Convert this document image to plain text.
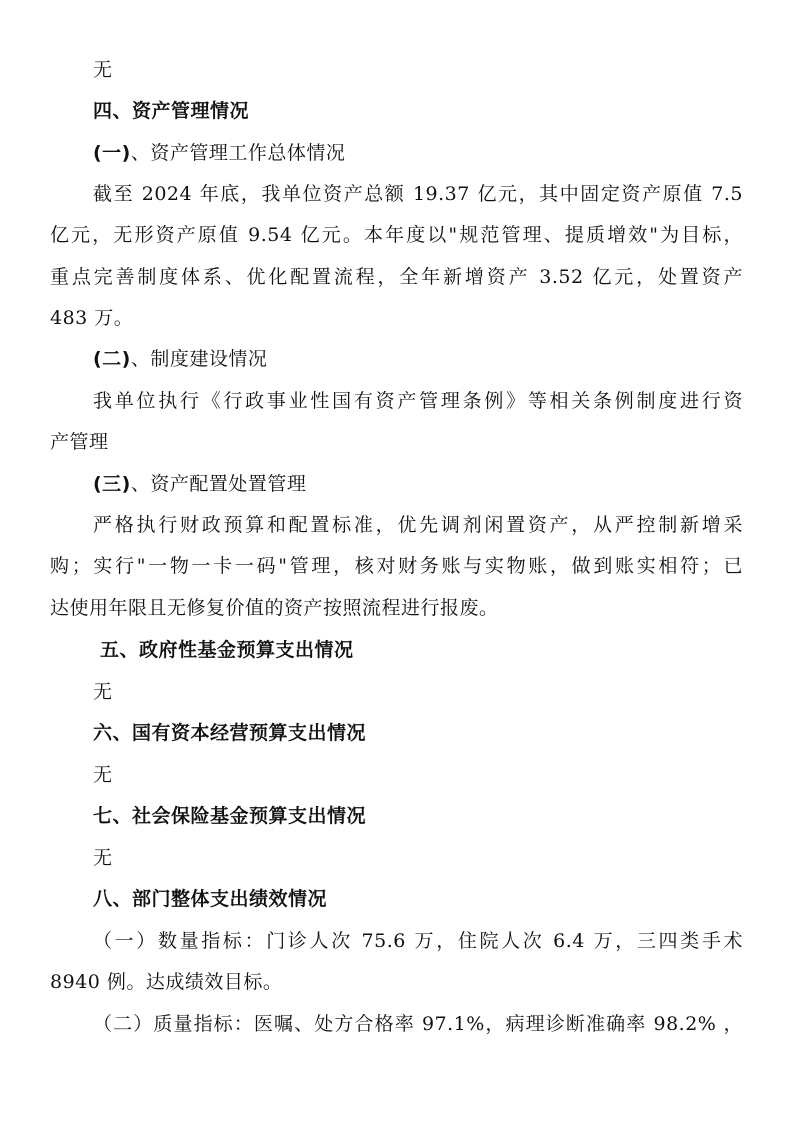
无
四、资产管理情况
(一)、资产管理工作总体情况
截至 2024 年底，我单位资产总额 19.37 亿元，其中固定资产原值 7.5
亿元，无形资产原值 9.54 亿元。本年度以"规范管理、提质增效"为目标，
重点完善制度体系、优化配置流程，全年新增资产 3.52 亿元，处置资产
483 万。
(二)、制度建设情况
我单位执行《行政事业性国有资产管理条例》等相关条例制度进行资
产管理
(三)、资产配置处置管理
严格执行财政预算和配置标准，优先调剂闲置资产，从严控制新增采
购；实行"一物一卡一码"管理，核对财务账与实物账，做到账实相符；已
达使用年限且无修复价值的资产按照流程进行报废。
五、政府性基金预算支出情况
无
六、国有资本经营预算支出情况
无
七、社会保险基金预算支出情况
无
八、部门整体支出绩效情况
（一）数量指标：门诊人次 75.6 万，住院人次 6.4 万，三四类手术
8940 例。达成绩效目标。
（二）质量指标：医嘱、处方合格率 97.1%，病理诊断准确率 98.2% ，
